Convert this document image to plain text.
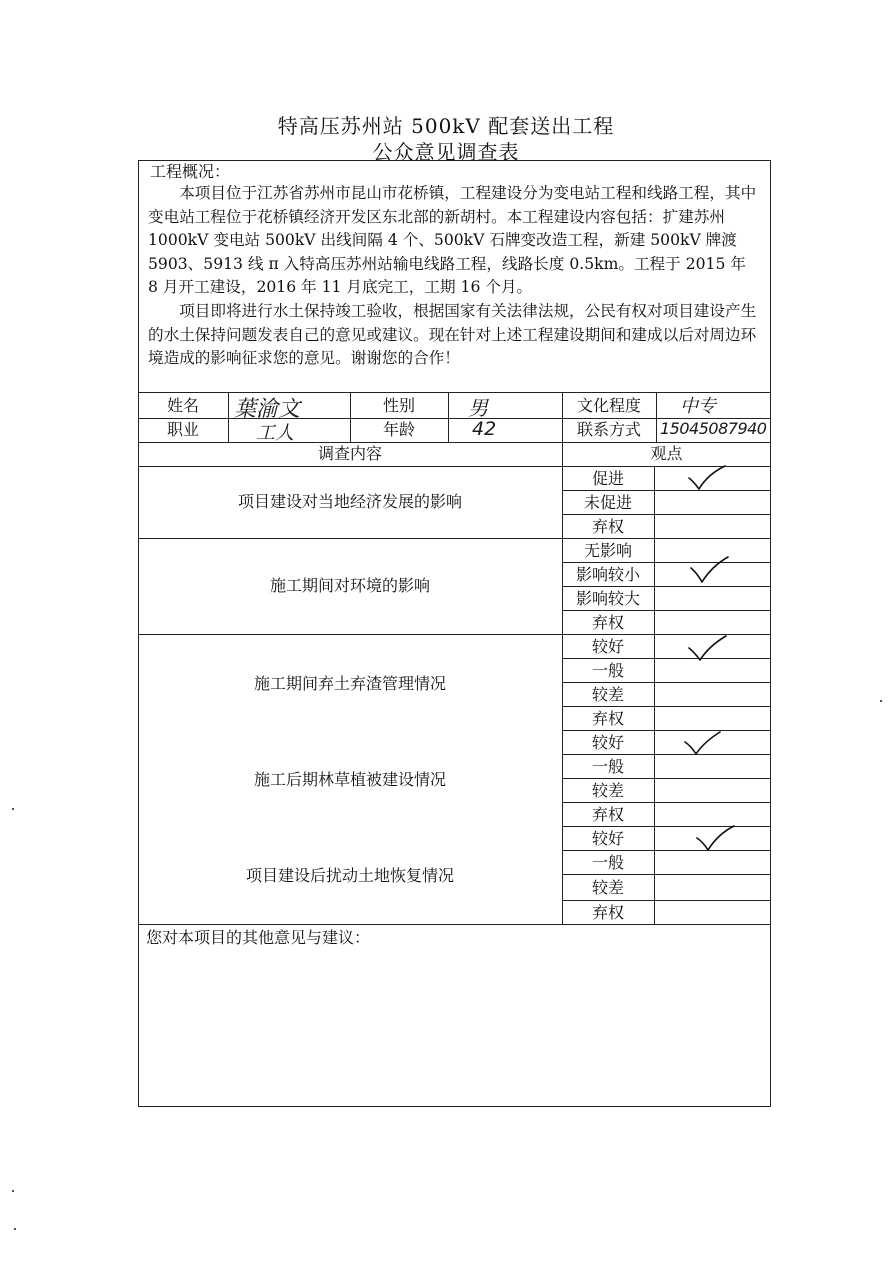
特高压苏州站 500kV 配套送出工程
公众意见调查表
工程概况：
本项目位于江苏省苏州市昆山市花桥镇，工程建设分为变电站工程和线路工程，其中变电站工程位于花桥镇经济开发区东北部的新胡村。本工程建设内容包括：扩建苏州 1000kV 变电站 500kV 出线间隔 4 个、500kV 石牌变改造工程，新建 500kV 牌渡 5903、5913 线 π 入特高压苏州站输电线路工程，线路长度 0.5km。工程于 2015 年 8 月开工建设，2016 年 11 月底完工，工期 16 个月。
项目即将进行水土保持竣工验收，根据国家有关法律法规，公民有权对项目建设产生的水土保持问题发表自己的意见或建议。现在针对上述工程建设期间和建成以后对周边环境造成的影响征求您的意见。谢谢您的合作！
姓名	葉渝文	性别	男	文化程度	中专
职业	工人	年龄	42	联系方式	15045087940
调查内容	观点
项目建设对当地经济发展的影响
促进
未促进
弃权
施工期间对环境的影响
无影响
影响较小
影响较大
弃权
施工期间弃土弃渣管理情况
较好
一般
较差
弃权
施工后期林草植被建设情况
较好
一般
较差
弃权
项目建设后扰动土地恢复情况
较好
一般
较差
弃权
您对本项目的其他意见与建议：
